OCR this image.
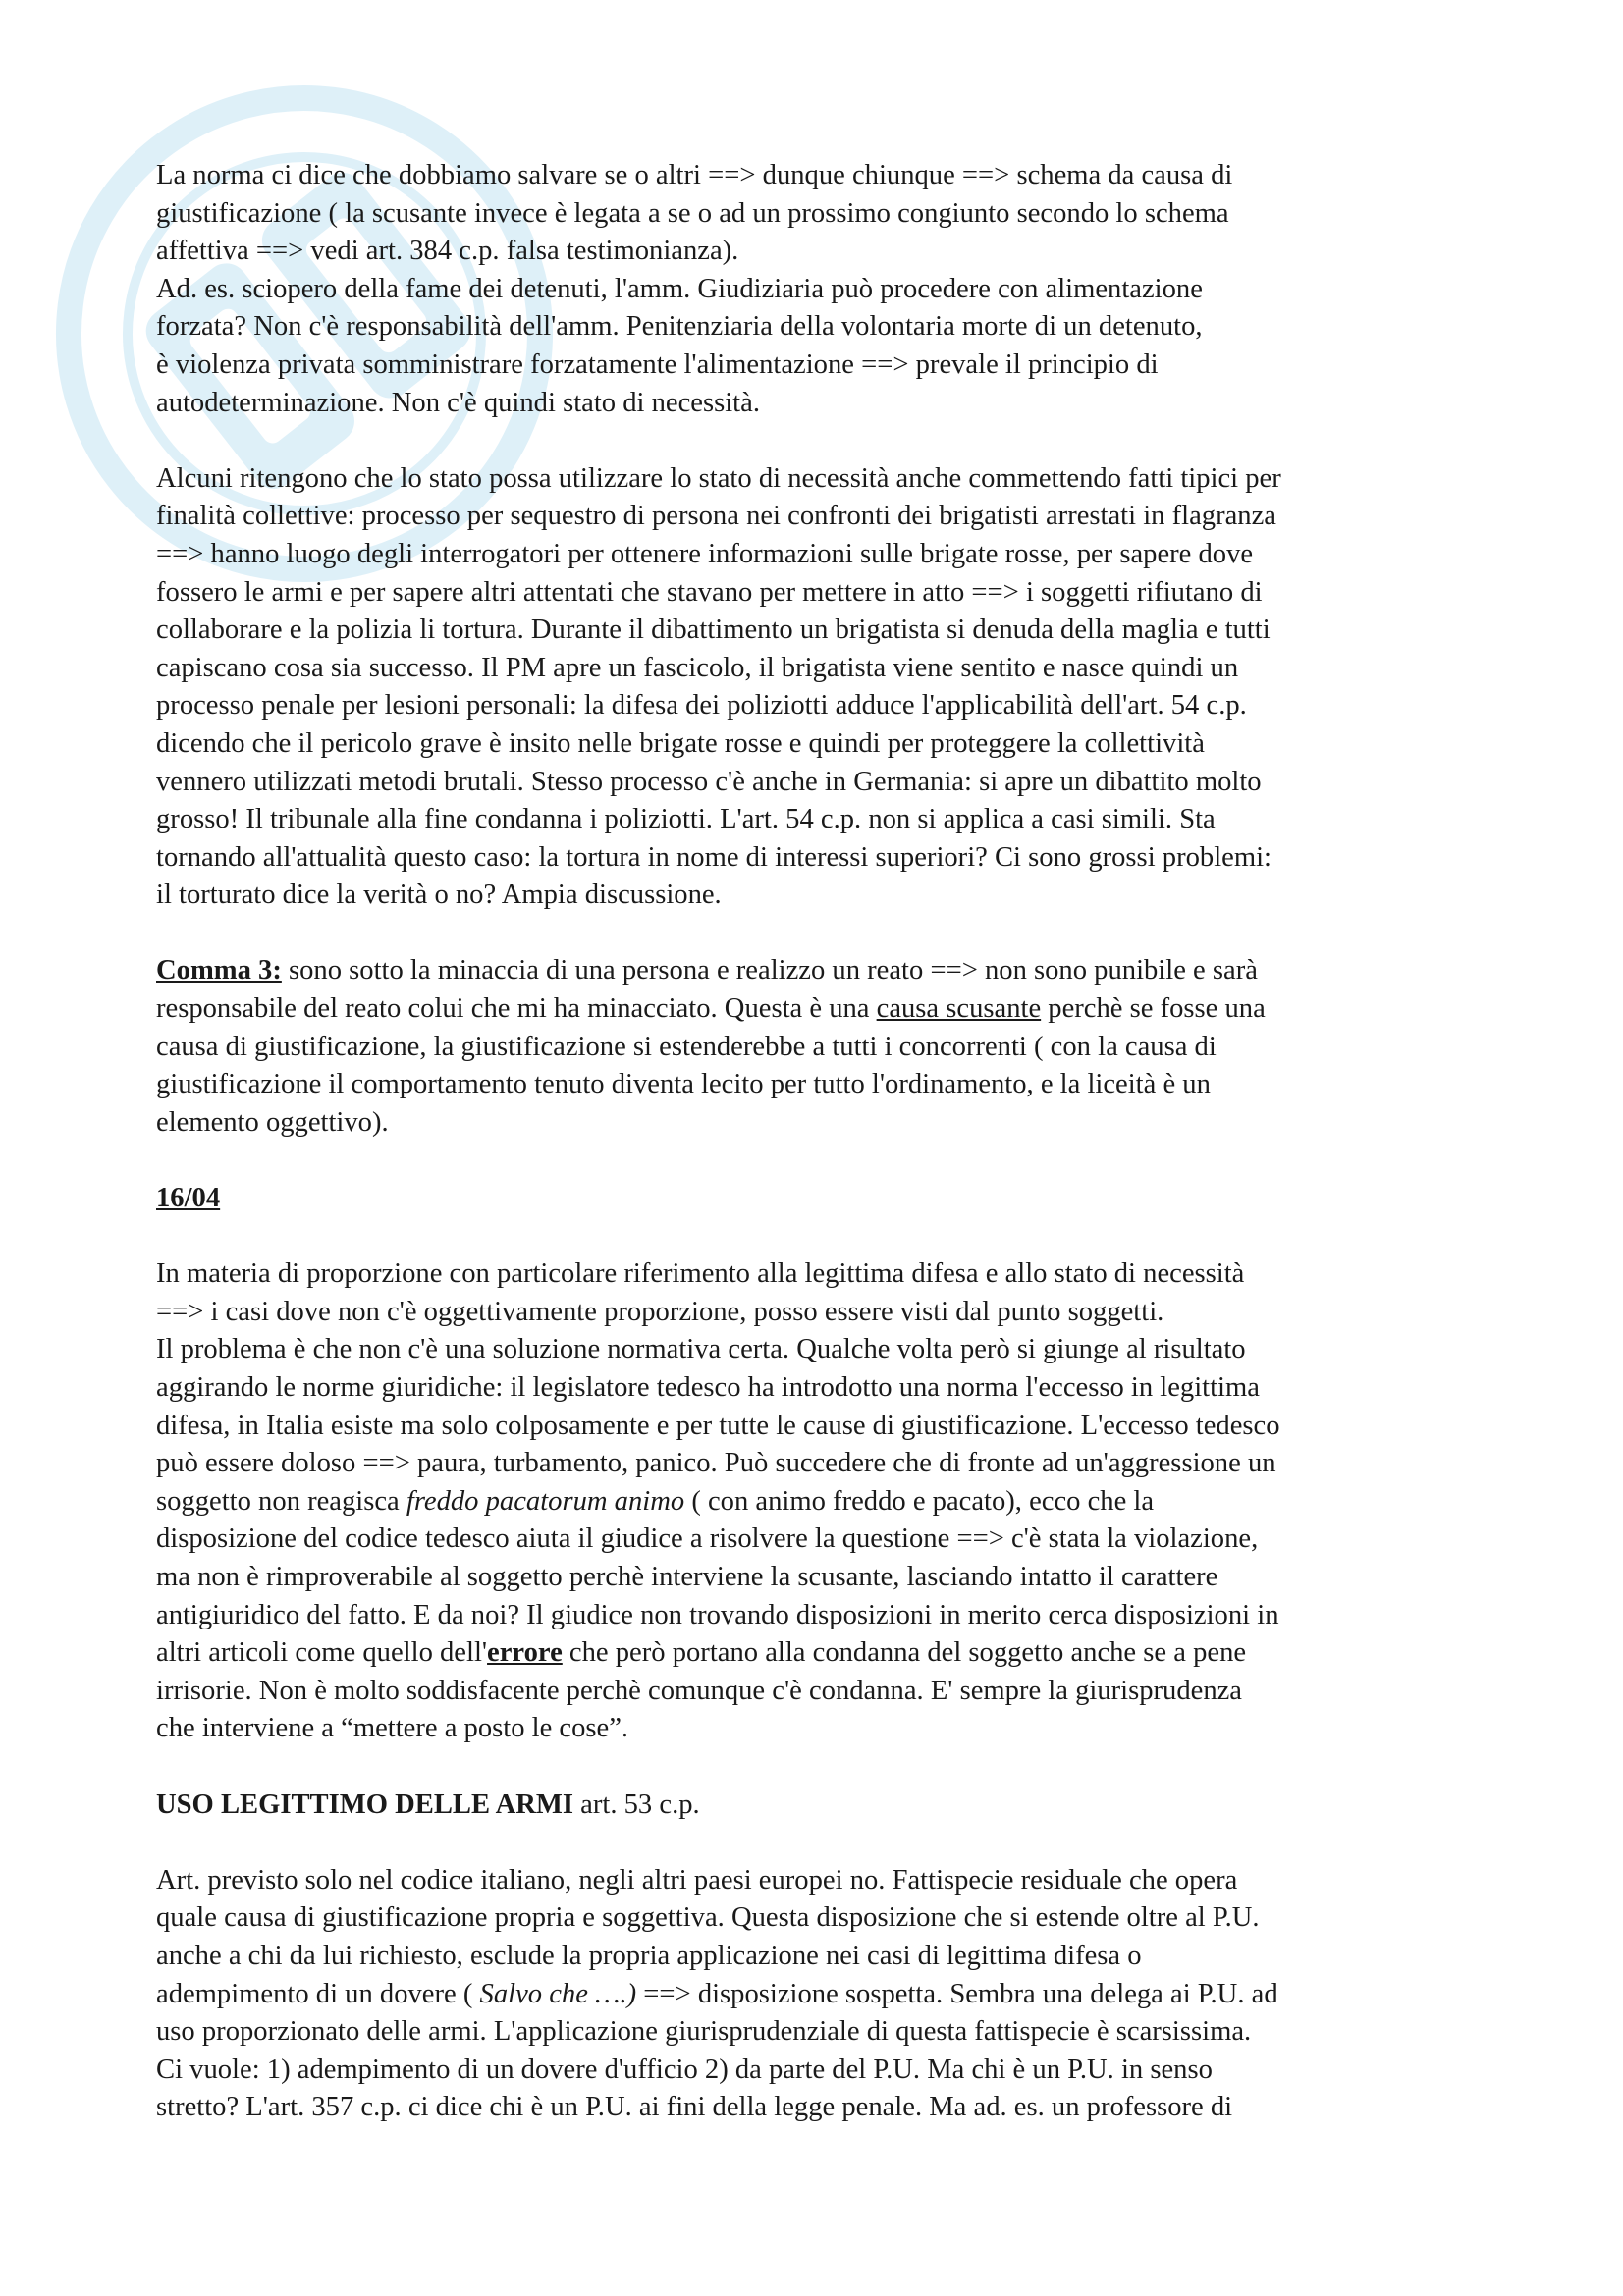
La norma ci dice che dobbiamo salvare se o altri ==> dunque chiunque ==> schema da causa di
giustificazione ( la scusante invece è legata a se o ad un prossimo congiunto secondo lo schema
affettiva ==> vedi art. 384 c.p. falsa testimonianza).
Ad. es. sciopero della fame dei detenuti, l'amm. Giudiziaria può procedere con alimentazione
forzata? Non c'è responsabilità dell'amm. Penitenziaria della volontaria morte di un detenuto,
è violenza privata somministrare forzatamente l'alimentazione ==> prevale il principio di
autodeterminazione. Non c'è quindi stato di necessità.

Alcuni ritengono che lo stato possa utilizzare lo stato di necessità anche commettendo fatti tipici per
finalità collettive: processo per sequestro di persona nei confronti dei brigatisti arrestati in flagranza
==> hanno luogo degli interrogatori per ottenere informazioni sulle brigate rosse, per sapere dove
fossero le armi e per sapere altri attentati che stavano per mettere in atto ==> i soggetti rifiutano di
collaborare e la polizia li tortura. Durante il dibattimento un brigatista si denuda della maglia e tutti
capiscano cosa sia successo. Il PM apre un fascicolo, il brigatista viene sentito e nasce quindi un
processo penale per lesioni personali: la difesa dei poliziotti adduce l'applicabilità dell'art. 54 c.p.
dicendo che il pericolo grave è insito nelle brigate rosse e quindi per proteggere la collettività
vennero utilizzati metodi brutali. Stesso processo c'è anche in Germania: si apre un dibattito molto
grosso! Il tribunale alla fine condanna i poliziotti. L'art. 54 c.p. non si applica a casi simili. Sta
tornando all'attualità questo caso: la tortura in nome di interessi superiori? Ci sono grossi problemi:
il torturato dice la verità o no? Ampia discussione.

Comma 3: sono sotto la minaccia di una persona e realizzo un reato ==> non sono punibile e sarà
responsabile del reato colui che mi ha minacciato. Questa è una causa scusante perchè se fosse una
causa di giustificazione, la giustificazione si estenderebbe a tutti i concorrenti ( con la causa di
giustificazione il comportamento tenuto diventa lecito per tutto l'ordinamento, e la liceità è un
elemento oggettivo).

16/04

In materia di proporzione con particolare riferimento alla legittima difesa e allo stato di necessità
==> i casi dove non c'è oggettivamente proporzione, posso essere visti dal punto soggetti.
Il problema è che non c'è una soluzione normativa certa. Qualche volta però si giunge al risultato
aggirando le norme giuridiche: il legislatore tedesco ha introdotto una norma l'eccesso in legittima
difesa, in Italia esiste ma solo colposamente e per tutte le cause di giustificazione. L'eccesso tedesco
può essere doloso ==> paura, turbamento, panico. Può succedere che di fronte ad un'aggressione un
soggetto non reagisca freddo pacatorum animo ( con animo freddo e pacato), ecco che la
disposizione del codice tedesco aiuta il giudice a risolvere la questione ==> c'è stata la violazione,
ma non è rimproverabile al soggetto perchè interviene la scusante, lasciando intatto il carattere
antigiuridico del fatto. E da noi? Il giudice non trovando disposizioni in merito cerca disposizioni in
altri articoli come quello dell'errore che però portano alla condanna del soggetto anche se a pene
irrisorie. Non è molto soddisfacente perchè comunque c'è condanna. E' sempre la giurisprudenza
che interviene a “mettere a posto le cose”.

USO LEGITTIMO DELLE ARMI art. 53 c.p.

Art. previsto solo nel codice italiano, negli altri paesi europei no. Fattispecie residuale che opera
quale causa di giustificazione propria e soggettiva. Questa disposizione che si estende oltre al P.U.
anche a chi da lui richiesto, esclude la propria applicazione nei casi di legittima difesa o
adempimento di un dovere ( Salvo che ….) ==> disposizione sospetta. Sembra una delega ai P.U. ad
uso proporzionato delle armi. L'applicazione giurisprudenziale di questa fattispecie è scarsissima.
Ci vuole: 1) adempimento di un dovere d'ufficio 2) da parte del P.U. Ma chi è un P.U. in senso
stretto? L'art. 357 c.p. ci dice chi è un P.U. ai fini della legge penale. Ma ad. es. un professore di
